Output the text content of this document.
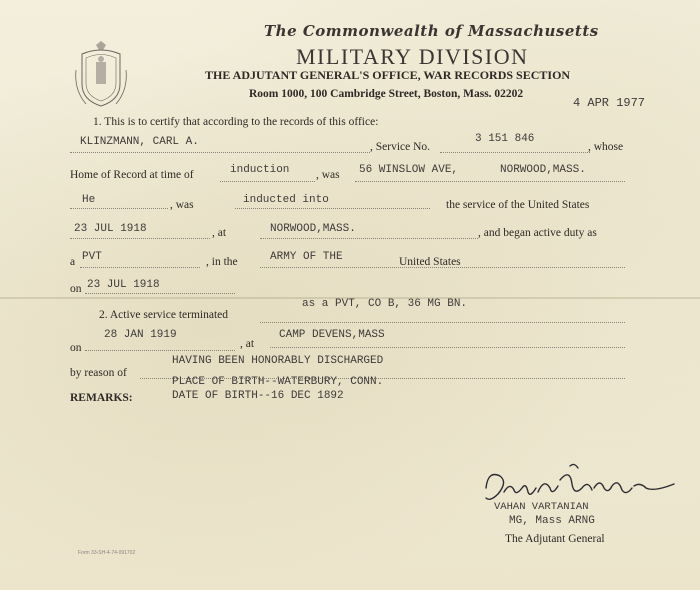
The Commonwealth of Massachusetts
MILITARY DIVISION
THE ADJUTANT GENERAL'S OFFICE, WAR RECORDS SECTION
Room 1000, 100 Cambridge Street, Boston, Mass. 02202
4 APR 1977
1. This is to certify that according to the records of this office:
KLINZMANN, CARL A.	, Service No.
3 151 846
, whose
Home of Record at time of	induction , was 56 WINSLOW AVE,	NORWOOD,MASS.
He	, was	inducted into	the service of the United States
23 JUL 1918	, at	NORWOOD,MASS.	, and began active duty as
a PVT	, in the	ARMY OF THE	United States
on 23 JUL 1918
2. Active service terminated
as a PVT, CO B, 36 MG BN.
on
28 JAN 1919
, at
CAMP DEVENS,MASS
by reason of
HAVING BEEN HONORABLY DISCHARGED
REMARKS:
PLACE OF BIRTH--WATERBURY, CONN.
DATE OF BIRTH--16 DEC 1892
VAHAN VARTANIAN
MG, Mass ARNG
The Adjutant General
Form 33-SH-4-74-091702
